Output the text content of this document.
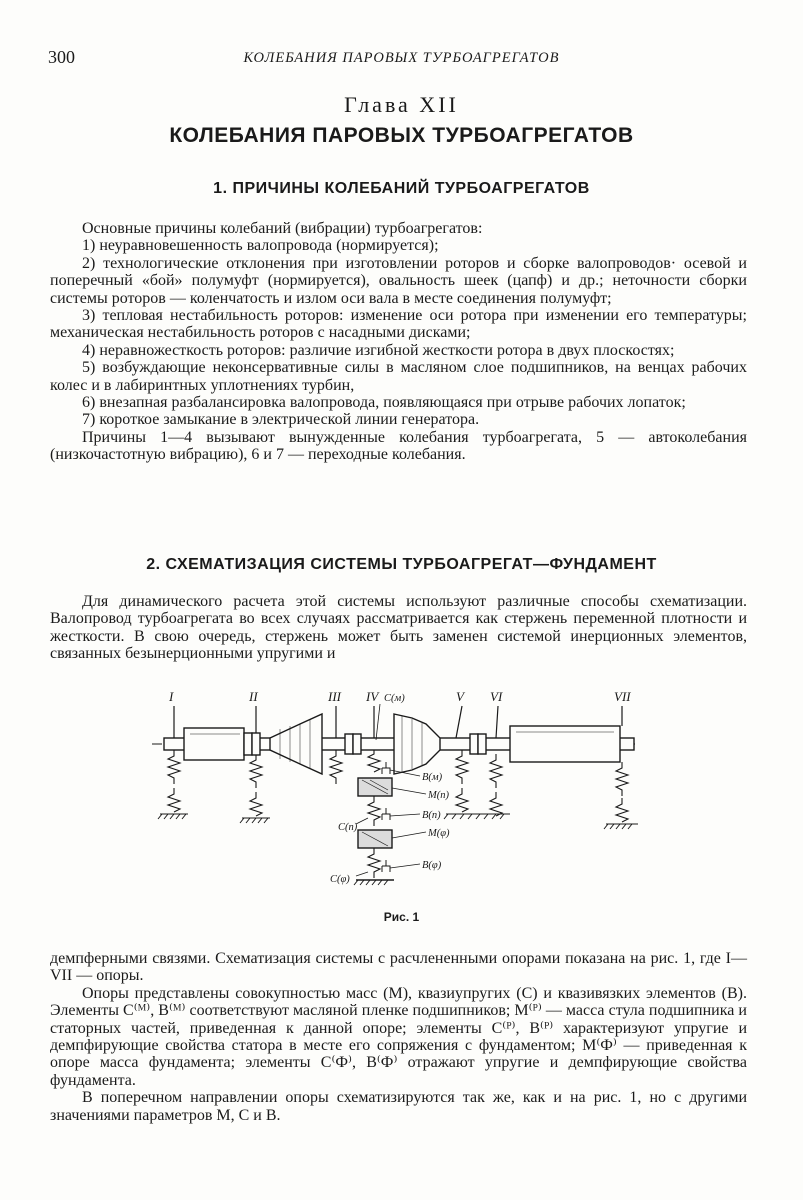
300	КОЛЕБАНИЯ ПАРОВЫХ ТУРБОАГРЕГАТОВ
Глава XII
КОЛЕБАНИЯ ПАРОВЫХ ТУРБОАГРЕГАТОВ
1. ПРИЧИНЫ КОЛЕБАНИЙ ТУРБОАГРЕГАТОВ

Основные причины колебаний (вибрации) турбоагрегатов:

1) неуравновешенность валопровода (нормируется);

2) технологические отклонения при изготовлении роторов и сборке валопроводов· осевой и поперечный «бой» полумуфт (нормируется), овальность шеек (цапф) и др.; неточности сборки системы роторов — коленчатость и излом оси вала в месте соединения полумуфт;

3) тепловая нестабильность роторов: изменение оси ротора при изменении его температуры; механическая нестабильность роторов с насадными дисками;

4) неравножесткость роторов: различие изгибной жесткости ротора в двух плоскостях;

5) возбуждающие неконсервативные силы в масляном слое подшипников, на венцах рабочих колес и в лабиринтных уплотнениях турбин,

6) внезапная разбалансировка валопровода, появляющаяся при отрыве рабочих лопаток;

7) короткое замыкание в электрической линии генератора.

Причины 1—4 вызывают вынужденные колебания турбоагрегата, 5 — автоколебания (низкочастотную вибрацию), 6 и 7 — переходные колебания.

2. СХЕМАТИЗАЦИЯ СИСТЕМЫ ТУРБОАГРЕГАТ—ФУНДАМЕНТ

Для динамического расчета этой системы используют различные способы схематизации. Валопровод турбоагрегата во всех случаях рассматривается как стержень переменной плотности и жесткости. В свою очередь, стержень может быть заменен системой инерционных элементов, связанных безынерционными упругими и

I	II	III IV	V VI	VII
C(м)
B(м)
M(n)
B(n)
C(n)
M(φ)
B(φ)
C(φ)
Рис. 1

демпферными связями. Схематизация системы с расчлененными опорами показана на рис. 1, где I—VII — опоры.

Опоры представлены совокупностью масс (M), квазиупругих (C) и квазивязких элементов (B). Элементы C⁽ᴹ⁾, B⁽ᴹ⁾ соответствуют масляной пленке подшипников; M⁽ᴾ⁾ — масса стула подшипника и статорных частей, приведенная к данной опоре; элементы C⁽ᴾ⁾, B⁽ᴾ⁾ характеризуют упругие и демпфирующие свойства статора в месте его сопряжения с фундаментом; M⁽Ф⁾ — приведенная к опоре масса фундамента; элементы C⁽Ф⁾, B⁽Ф⁾ отражают упругие и демпфирующие свойства фундамента.

В поперечном направлении опоры схематизируются так же, как и на рис. 1, но с другими значениями параметров M, C и B.
